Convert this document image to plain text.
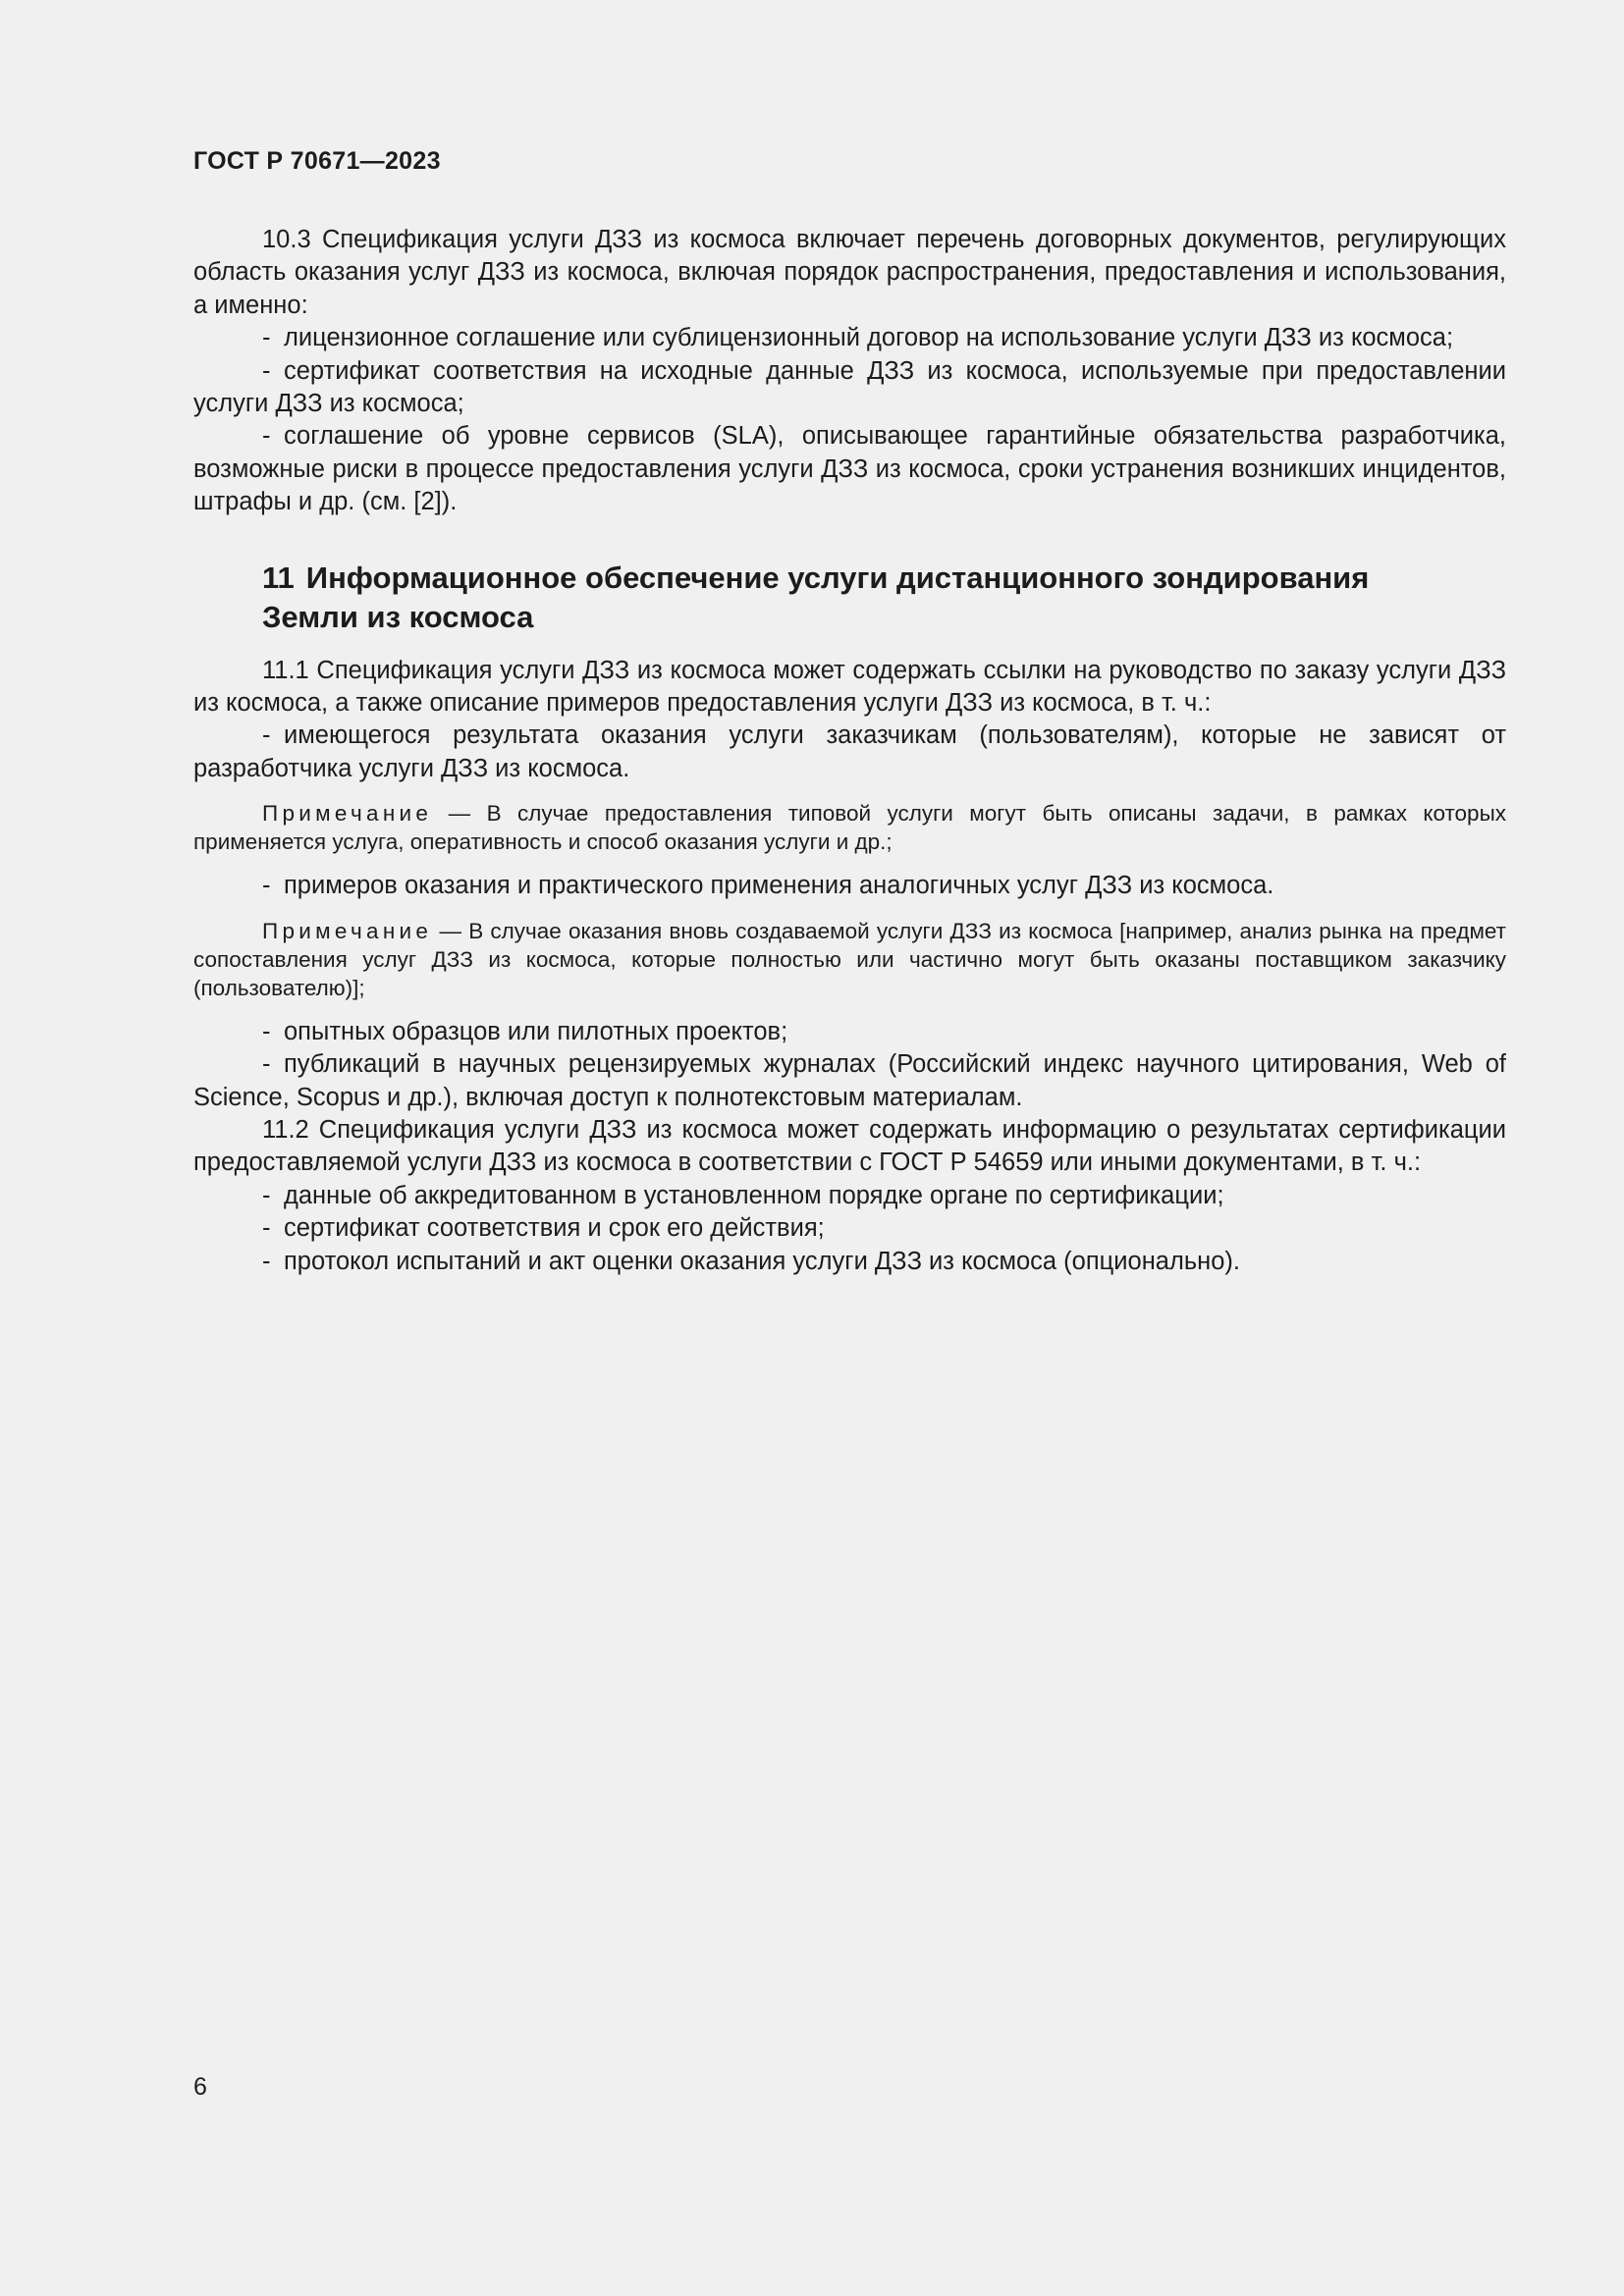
ГОСТ Р 70671—2023

10.3 Спецификация услуги ДЗЗ из космоса включает перечень договорных документов, регулирующих область оказания услуг ДЗЗ из космоса, включая порядок распространения, предоставления и использования, а именно:

- лицензионное соглашение или сублицензионный договор на использование услуги ДЗЗ из космоса;

- сертификат соответствия на исходные данные ДЗЗ из космоса, используемые при предоставлении услуги ДЗЗ из космоса;

- соглашение об уровне сервисов (SLA), описывающее гарантийные обязательства разработчика, возможные риски в процессе предоставления услуги ДЗЗ из космоса, сроки устранения возникших инцидентов, штрафы и др. (см. [2]).

11 Информационное обеспечение услуги дистанционного зондирования
Земли из космоса

11.1 Спецификация услуги ДЗЗ из космоса может содержать ссылки на руководство по заказу услуги ДЗЗ из космоса, а также описание примеров предоставления услуги ДЗЗ из космоса, в т. ч.:

- имеющегося результата оказания услуги заказчикам (пользователям), которые не зависят от разработчика услуги ДЗЗ из космоса.

Примечание — В случае предоставления типовой услуги могут быть описаны задачи, в рамках которых применяется услуга, оперативность и способ оказания услуги и др.;

- примеров оказания и практического применения аналогичных услуг ДЗЗ из космоса.

Примечание — В случае оказания вновь создаваемой услуги ДЗЗ из космоса [например, анализ рынка на предмет сопоставления услуг ДЗЗ из космоса, которые полностью или частично могут быть оказаны поставщиком заказчику (пользователю)];

- опытных образцов или пилотных проектов;

- публикаций в научных рецензируемых журналах (Российский индекс научного цитирования, Web of Science, Scopus и др.), включая доступ к полнотекстовым материалам.

11.2 Спецификация услуги ДЗЗ из космоса может содержать информацию о результатах сертификации предоставляемой услуги ДЗЗ из космоса в соответствии с ГОСТ Р 54659 или иными документами, в т. ч.:

- данные об аккредитованном в установленном порядке органе по сертификации;

- сертификат соответствия и срок его действия;

- протокол испытаний и акт оценки оказания услуги ДЗЗ из космоса (опционально).

6
